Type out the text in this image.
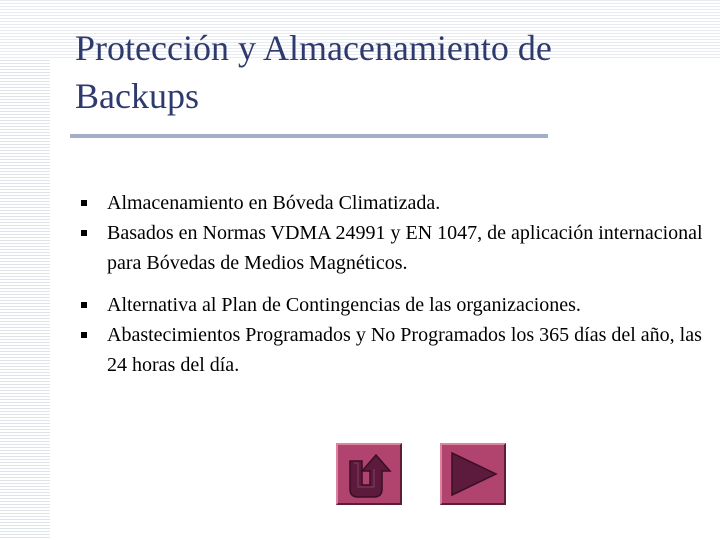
Protección y Almacenamiento de Backups
Almacenamiento en Bóveda Climatizada.
Basados en Normas VDMA 24991 y EN 1047, de aplicación internacional para Bóvedas de Medios Magnéticos.
Alternativa al Plan de Contingencias de las organizaciones.
Abastecimientos Programados y No Programados los 365 días del año, las 24 horas del día.
